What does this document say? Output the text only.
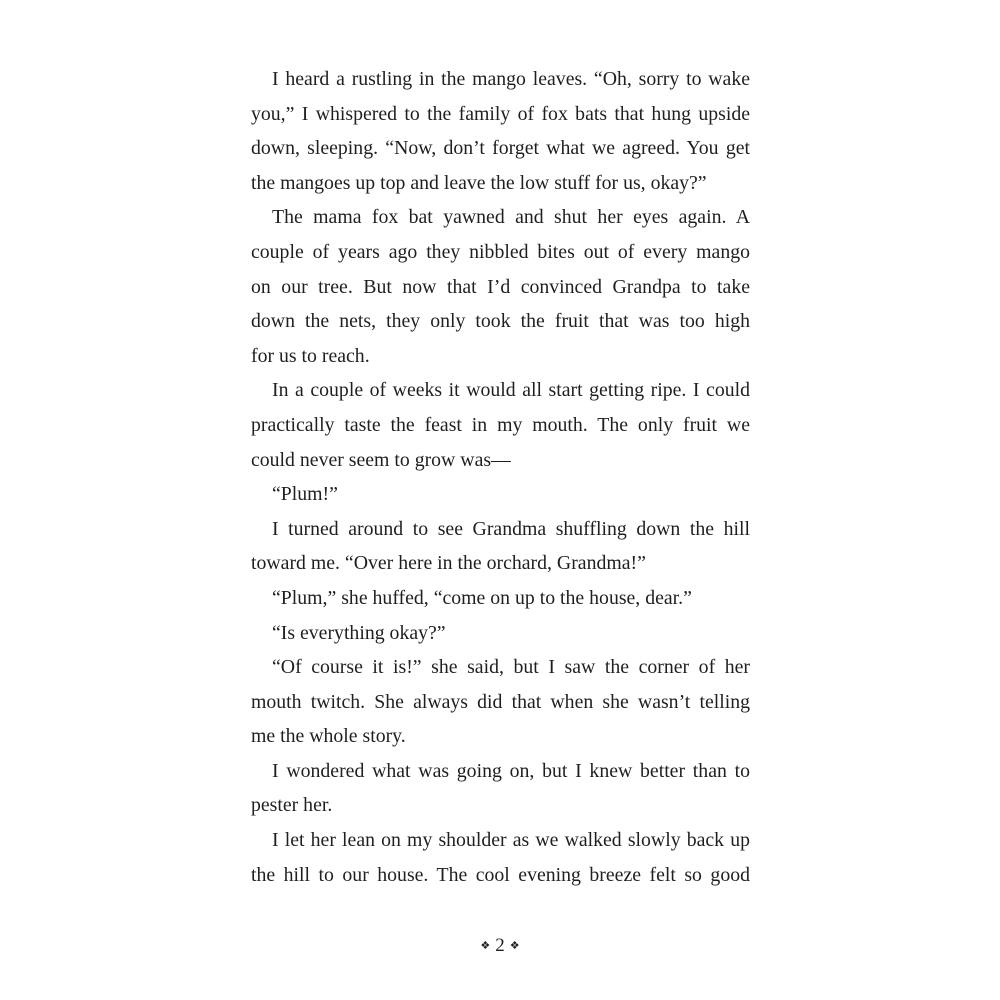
I heard a rustling in the mango leaves. “Oh, sorry to wake
you,” I whispered to the family of fox bats that hung upside
down, sleeping. “Now, don’t forget what we agreed. You get
the mangoes up top and leave the low stuff for us, okay?”
The mama fox bat yawned and shut her eyes again. A
couple of years ago they nibbled bites out of every mango
on our tree. But now that I’d convinced Grandpa to take
down the nets, they only took the fruit that was too high
for us to reach.
In a couple of weeks it would all start getting ripe. I could
practically taste the feast in my mouth. The only fruit we
could never seem to grow was—
“Plum!”
I turned around to see Grandma shuffling down the hill
toward me. “Over here in the orchard, Grandma!”
“Plum,” she huffed, “come on up to the house, dear.”
“Is everything okay?”
“Of course it is!” she said, but I saw the corner of her
mouth twitch. She always did that when she wasn’t telling
me the whole story.
I wondered what was going on, but I knew better than to
pester her.
I let her lean on my shoulder as we walked slowly back up
the hill to our house. The cool evening breeze felt so good
❖ 2 ❖
